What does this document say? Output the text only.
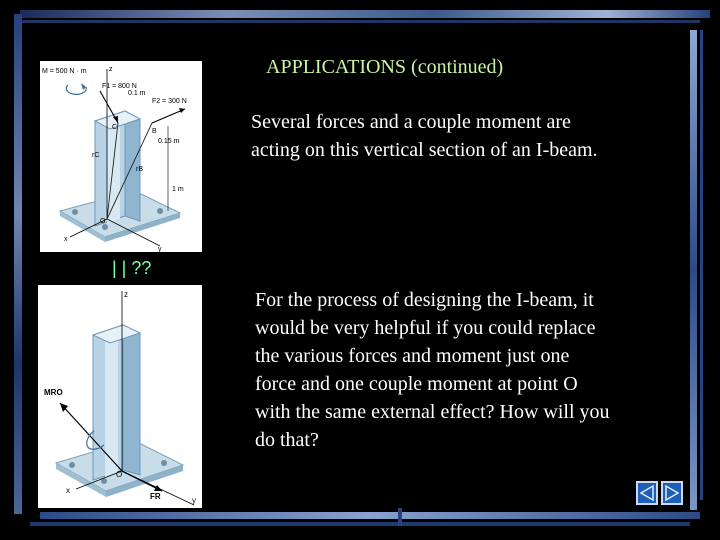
APPLICATIONS (continued)
Several forces and a couple moment are acting on this vertical section of an I-beam.
For the process of designing the I-beam, it would be very helpful if you could replace the various forces and moment just one force and one couple moment at point O with the same external effect? How will you do that?
z
x
y
O
rC
rB
C
B
M = 500 N · m
F1 = 800 N
F2 = 300 N
0.1 m
0.15 m
1 m
| | ??
z
x
y
O
MRO
FR
